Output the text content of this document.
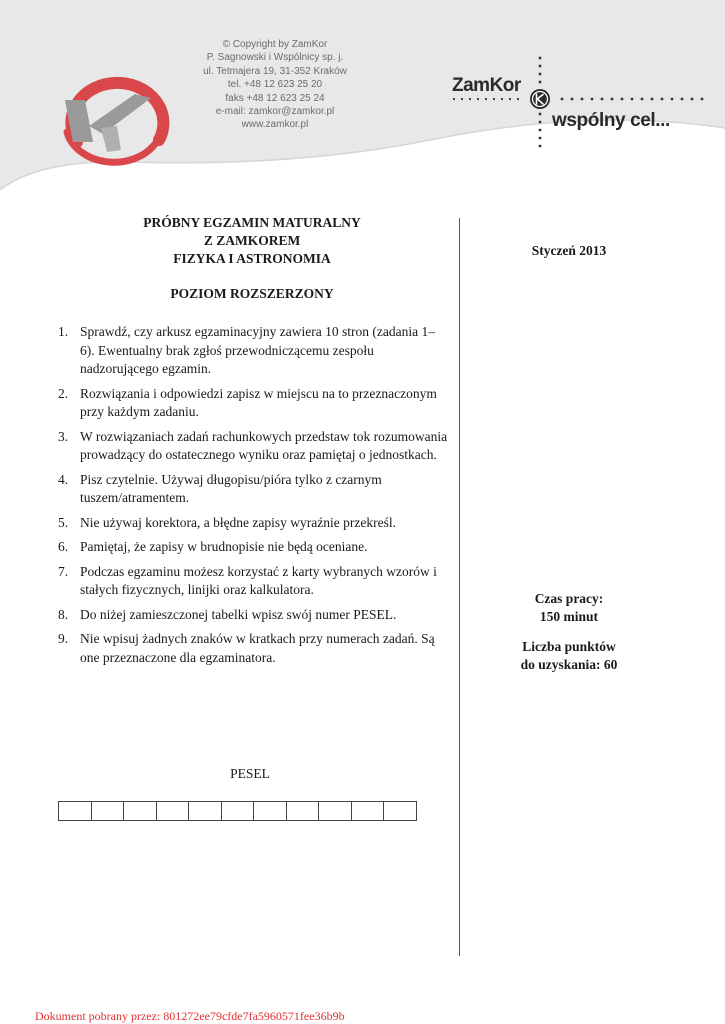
© Copyright by ZamKor
P. Sagnowski i Wspólnicy sp. j.
ul. Tetmajera 19, 31-352 Kraków
tel. +48 12 623 25 20
faks +48 12 623 25 24
e-mail: zamkor@zamkor.pl
www.zamkor.pl
ZamKor
wspólny cel...
PRÓBNY EGZAMIN MATURALNY
Z ZAMKOREM
FIZYKA I ASTRONOMIA
POZIOM ROZSZERZONY
1. Sprawdź, czy arkusz egzaminacyjny zawiera 10 stron (zadania 1–6). Ewentualny brak zgłoś przewodniczącemu zespołu nadzorującego egzamin.
2. Rozwiązania i odpowiedzi zapisz w miejscu na to przeznaczonym przy każdym zadaniu.
3. W rozwiązaniach zadań rachunkowych przedstaw tok rozumowania prowadzący do ostatecznego wyniku oraz pamiętaj o jednostkach.
4. Pisz czytelnie. Używaj długopisu/pióra tylko z czarnym tuszem/atramentem.
5. Nie używaj korektora, a błędne zapisy wyraźnie przekreśl.
6. Pamiętaj, że zapisy w brudnopisie nie będą oceniane.
7. Podczas egzaminu możesz korzystać z karty wybranych wzorów i stałych fizycznych, linijki oraz kalkulatora.
8. Do niżej zamieszczonej tabelki wpisz swój numer PESEL.
9. Nie wpisuj żadnych znaków w kratkach przy numerach zadań. Są one przeznaczone dla egzaminatora.
Styczeń 2013
Czas pracy:
150 minut
Liczba punktów
do uzyskania: 60
PESEL
Dokument pobrany przez: 801272ee79cfde7fa5960571fee36b9b
